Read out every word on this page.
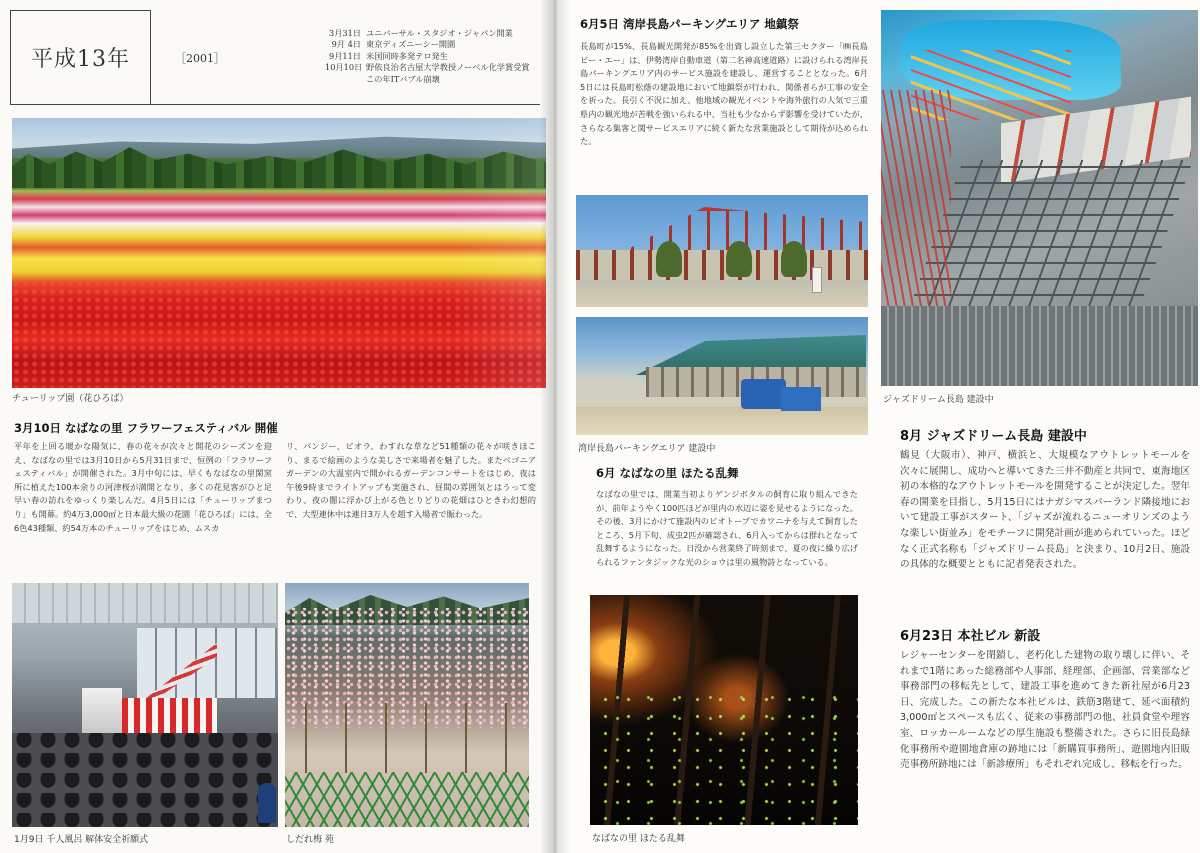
平成13年	［2001］
3月31日 ユニバーサル・スタジオ・ジャパン開業
9月 4日 東京ディズニーシー開園
9月11日 米国同時多発テロ発生
10月10日 野依良治名古屋大学教授ノーベル化学賞受賞
この年ITバブル崩壊
チューリップ園（花ひろば）
3月10日 なばなの里 フラワーフェスティバル 開催
平年を上回る暖かな陽気に、春の花々が次々と開花のシーズンを迎え、なばなの里では3月10日から5月31日まで、恒例の「フラワーフェスティバル」が開催された。3月中旬には、早くもなばなの里閑窯所に植えた100本余りの河津桜が満開となり、多くの花見客がひと足早い春の訪れをゆっくり楽しんだ。4月5日には「チューリップまつり」も開幕。約4万3,000㎡と日本最大級の花園「花ひろば」には、全6色43種類、約54万本のチューリップをはじめ、ムスカ
リ、パンジー、ビオラ、わすれな草など51種類の花々が咲きほこり、まるで絵画のような美しさで来場者を魅了した。またベゴニアガーデンの大温室内で開かれるガーデンコンサートをはじめ、夜は午後9時までライトアップも実施され、昼間の雰囲気とはうって変わり、夜の闇に浮かび上がる色とりどりの花畑はひときわ幻想的で、大型連休中は連日3万人を超す入場者で賑わった。
1月9日 千人風呂 解体安全祈願式	しだれ梅 苑
6月5日 湾岸長島パーキングエリア 地鎮祭
長島町が15%、長島観光開発が85%を出資し設立した第三セクター「㈱長島ピー・エー」は、伊勢湾岸自動車道（第二名神高速道路）に設けられる湾岸長島パーキングエリア内のサービス施設を建設し、運営することとなった。6月5日には長島町松蔭の建設地において地鎮祭が行われ、関係者らが工事の安全を祈った。長引く不況に加え、他地域の観光イベントや海外旅行の人気で三重県内の観光地が苦戦を強いられる中、当社も少なからず影響を受けていたが、さらなる集客と関サービスエリアに続く新たな営業施設として期待が込められた。
湾岸長島パーキングエリア 建設中
6月 なばなの里 ほたる乱舞
なばなの里では、開業当初よりゲンジボタルの飼育に取り組んできたが、前年ようやく100匹ほどが里内の水辺に姿を見せるようになった。その後、3月にかけて施設内のビオトープでカワニナを与えて飼育したところ、5月下旬、成虫2匹が確認され、6月入ってからは群れとなって乱舞するようになった。日没から営業終了時刻まで、夏の夜に繰り広げられるファンタジックな光のショウは里の風物詩となっている。
なばなの里 ほたる乱舞
ジャズドリーム長島 建設中
8月 ジャズドリーム長島 建設中
鶴見（大阪市）、神戸、横浜と、大規模なアウトレットモールを次々に展開し、成功へと導いてきた三井不動産と共同で、東海地区初の本格的なアウトレットモールを開発することが決定した。翌年春の開業を目指し、5月15日にはナガシマスパーランド隣接地において建設工事がスタート、「ジャズが流れるニューオリンズのような楽しい街並み」をモチーフに開発計画が進められていった。ほどなく正式名称も「ジャズドリーム長島」と決まり、10月2日、施設の具体的な概要とともに記者発表された。
6月23日 本社ビル 新設
レジャーセンターを閉鎖し、老朽化した建物の取り壊しに伴い、それまで1階にあった総務部や人事部、経理部、企画部、営業部など事務部門の移転先として、建設工事を進めてきた新社屋が6月23日、完成した。この新たな本社ビルは、鉄筋3階建て、延べ面積約3,000㎡とスペースも広く、従来の事務部門の他、社員食堂や理容室、ロッカールームなどの厚生施設も整備された。さらに旧長島緑化事務所や遊園地倉庫の跡地には「新購買事務所」、遊園地内旧販売事務所跡地には「新診療所」もそれぞれ完成し、移転を行った。
